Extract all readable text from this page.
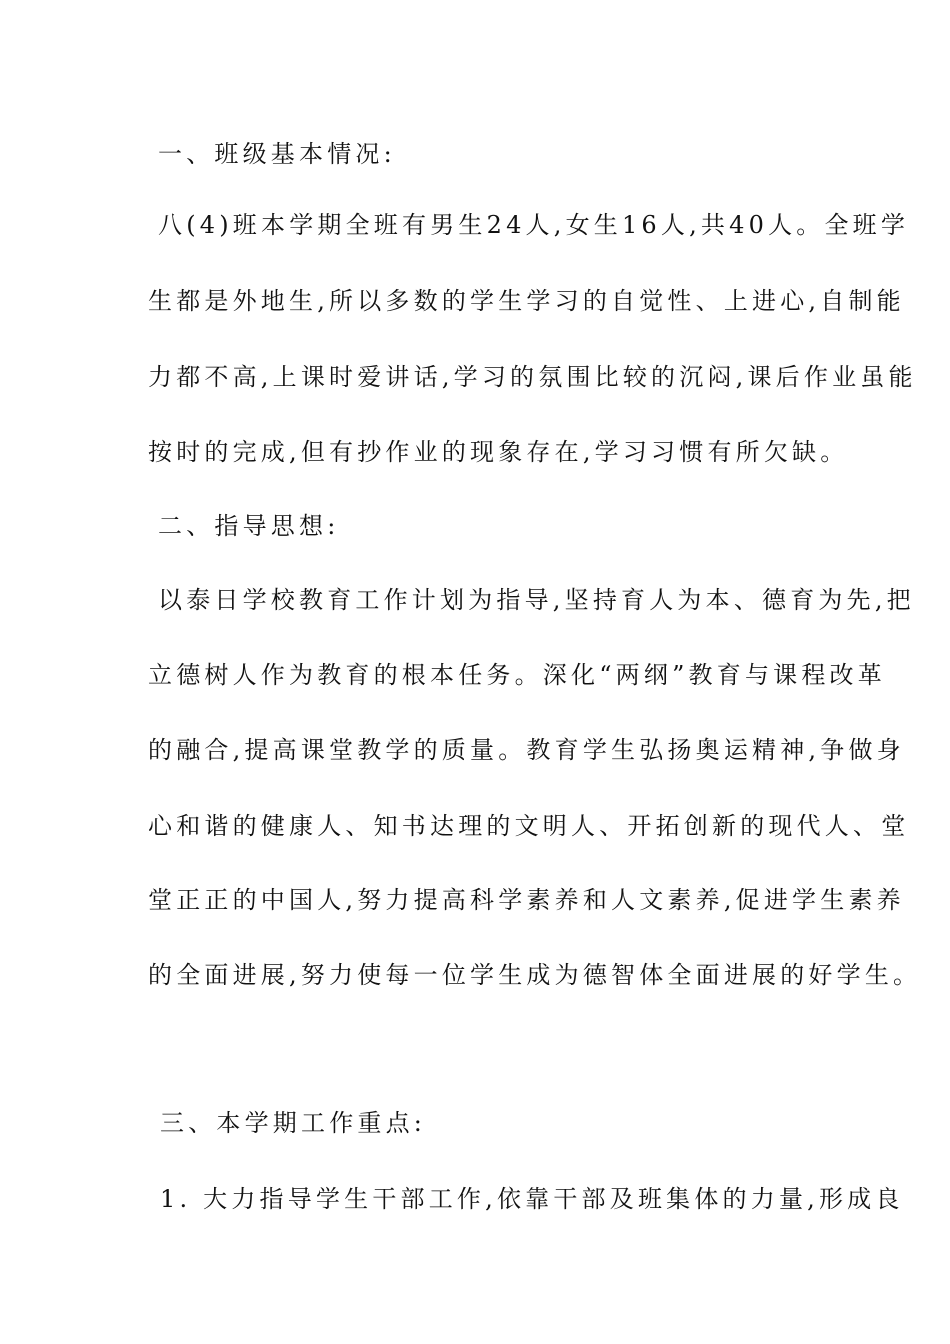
一、班级基本情况:
八(4)班本学期全班有男生24人,女生16人,共40人。全班学
生都是外地生,所以多数的学生学习的自觉性、上进心,自制能
力都不高,上课时爱讲话,学习的氛围比较的沉闷,课后作业虽能
按时的完成,但有抄作业的现象存在,学习习惯有所欠缺。
二、指导思想:
以泰日学校教育工作计划为指导,坚持育人为本、德育为先,把
立德树人作为教育的根本任务。深化“两纲”教育与课程改革
的融合,提高课堂教学的质量。教育学生弘扬奥运精神,争做身
心和谐的健康人、知书达理的文明人、开拓创新的现代人、堂
堂正正的中国人,努力提高科学素养和人文素养,促进学生素养
的全面进展,努力使每一位学生成为德智体全面进展的好学生。
三、本学期工作重点:
1. 大力指导学生干部工作,依靠干部及班集体的力量,形成良
